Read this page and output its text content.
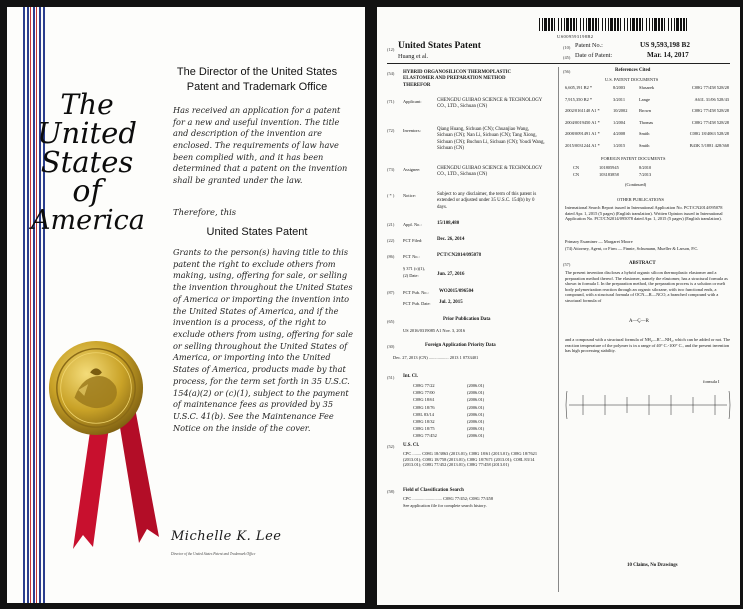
The
United
States
of
America
The Director of the United States
Patent and Trademark Office
Has received an application for a patent for a new and useful invention. The title and description of the invention are enclosed. The requirements of law have been complied with, and it has been determined that a patent on the invention shall be granted under the law.
Therefore, this
United States Patent
Grants to the person(s) having title to this patent the right to exclude others from making, using, offering for sale, or selling the invention throughout the United States of America or importing the invention into the United States of America, and if the invention is a process, of the right to exclude others from using, offering for sale or selling throughout the United States of America, or importing into the United States of America, products made by that process, for the term set forth in 35 U.S.C. 154(a)(2) or (c)(1), subject to the payment of maintenance fees as provided by 35 U.S.C. 41(b). See the Maintenance Fee Notice on the inside of the cover.
Michelle K. Lee
Director of the United States Patent and Trademark Office
US009593198B2
(12) United States Patent
Huang et al.
(10) Patent No.:	US 9,593,198 B2
(45) Date of Patent:	Mar. 14, 2017
(54) HYBRID ORGANOSILICON THERMOPLASTIC ELASTOMER AND PREPARATION METHOD THEREFOR
(71) Applicant:	CHENGDU GUIBAO SCIENCE & TECHNOLOGY CO., LTD., Sichuan (CN)
(72) Inventors:	Qiang Huang, Sichuan (CN); Chuanjiao Wang, Sichuan (CN); Nan Li, Sichuan (CN); Tang Xiong, Sichuan (CN); Buchun Li, Sichuan (CN); Youdi Wang, Sichuan (CN)
(73) Assignee:	CHENGDU GUIBAO SCIENCE & TECHNOLOGY CO., LTD., Sichuan (CN)
( * ) Notice:	Subject to any disclaimer, the term of this patent is extended or adjusted under 35 U.S.C. 154(b) by 0 days.
(21) Appl. No.:	15/108,480
(22) PCT Filed:	Dec. 26, 2014
(86) PCT No.:	PCT/CN2014/095078
§ 371 (c)(1),
(2) Date:	Jun. 27, 2016
(87) PCT Pub. No.: WO2015/096504
PCT Pub. Date: Jul. 2, 2015
(65)	Prior Publication Data
US 2016/0319085 A1 Nov. 3, 2016
(30)	Foreign Application Priority Data
Dec. 27, 2013 (CN) .................. 2013 1 0733401
(51) Int. Cl.
C08G 77/22	(2006.01)
C08G 77/00	(2006.01)
C08G 18/61	(2006.01)
C08G 18/76	(2006.01)
C08L 83/14	(2006.01)
C08G 18/32	(2006.01)
C08G 18/75	(2006.01)
C08G 77/452	(2006.01)
(52) U.S. Cl.
CPC ........ C08G 18/3863 (2013.01); C08G 18/61 (2013.01); C08G 18/7621 (2013.01); C08G 18/758 (2013.01); C08G 18/7671 (2013.01); C08L 83/14 (2013.01); C08G 77/452 (2013.01); C08G 77/458 (2013.01)
(58) Field of Classification Search
CPC ........................... C08G 77/452; C08G 77/458
See application file for complete search history.
(56)	References Cited
U.S. PATENT DOCUMENTS
6,605,191 B2 *	8/2003	Slusarek	C08G 77/458 528/28
7,915,350 B2 *	3/2011	Lange	A61L 31/06 528/43
2002/0161140 A1 *	10/2002	Brown	C08G 77/458 528/28
2004/0019450 A1 *	1/2004	Thomas	C08G 77/458 528/28
2008/0091491 A1 *	4/2008	Smith	C08G 18/4063 528/28
2015/0031244 A1 *	1/2015	Smith	B43K 5/1881 428/368
FOREIGN PATENT DOCUMENTS
CN	101805945	8/2010
CN	103183858	7/2013
(Continued)
OTHER PUBLICATIONS
International Search Report issued in International Application No. PCT/CN2014/095078 dated Apr. 1, 2015 (5 pages) (English translation). Written Opinion issued in International Application No. PCT/CN2014/095078 dated Apr. 1, 2015 (5 pages) (English translation).
Primary Examiner — Margaret Moore
(74) Attorney, Agent, or Firm — Finnie, Schumann, Mueller & Larson, P.C.
(57)	ABSTRACT
The present invention discloses a hybrid organic silicon thermoplastic elastomer and a preparation method thereof. The elastomer, namely the elastomer, has a structural formula as shown in formula I. In the preparation method, the preparation process is a solution or melt body polymerization reaction through an organic siloxane, with two functional ends, a compound, with a structural formula of OCN—R—NCO, a branched compound with a structural formula of
A—Ç—R
and a compound with a structural formula of NH₂—R'—NH₂, which can be added or not. The reaction temperature of the polymer is in a range of 40° C.-100° C., and the present invention has high processing stability.
formula I
10 Claims, No Drawings
